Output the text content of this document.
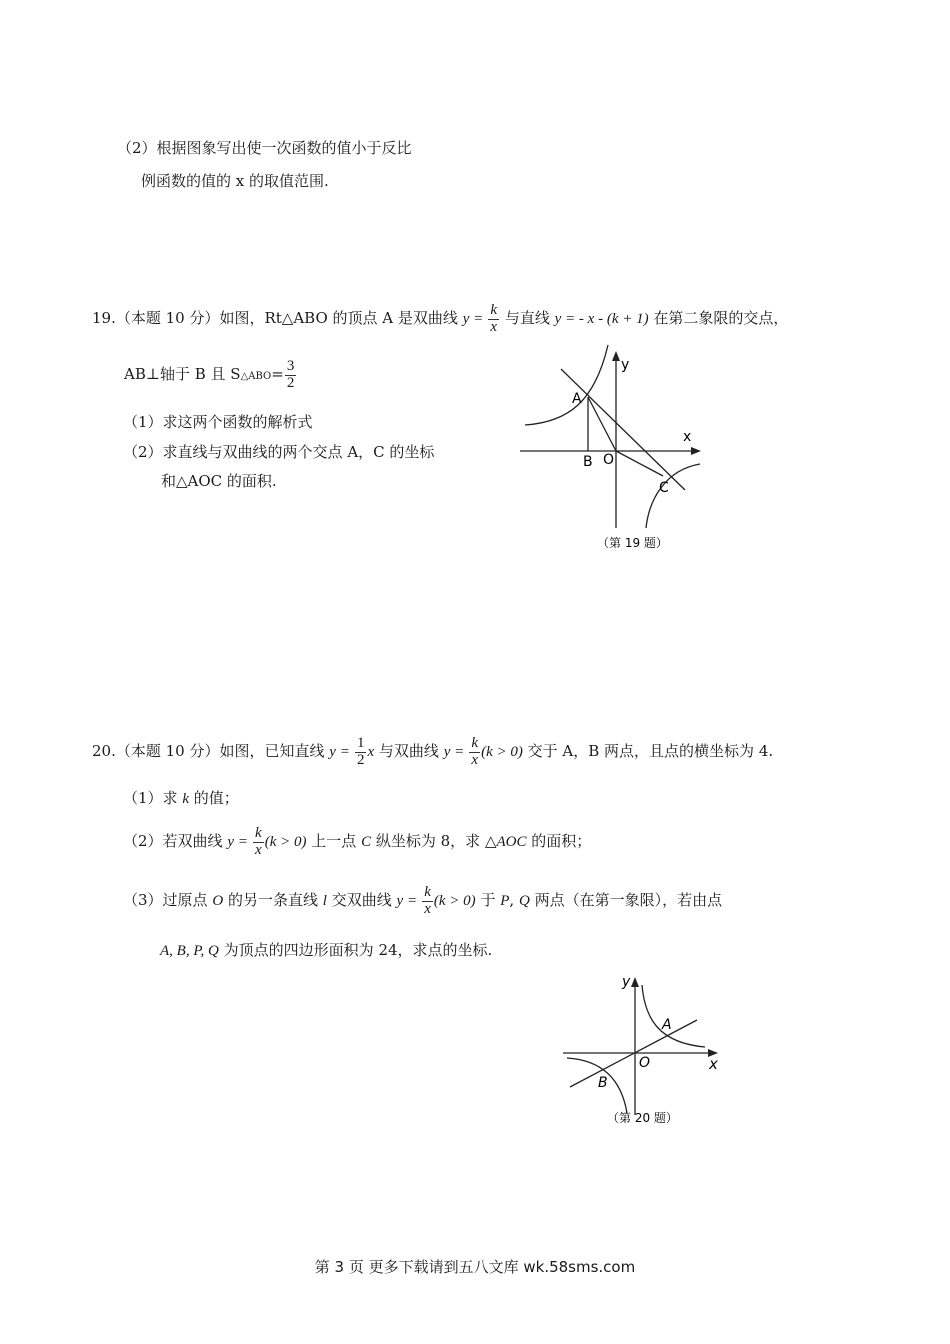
（2）根据图象写出使一次函数的值小于反比
例函数的值的 x 的取值范围.
19.（本题 10 分）如图，Rt△ABO 的顶点 A 是双曲线 $y = \frac{k}{x}$ 与直线 y = - x - (k + 1) 在第二象限的交点，
AB⊥轴于 B 且 S△ABO= $\frac{3}{2}$
（1）求这两个函数的解析式
（2）求直线与双曲线的两个交点 A，C 的坐标
和△AOC 的面积.
y
x
A
B O
C
（第 19 题）
20.（本题 10 分）如图，已知直线 $y = \frac{1}{2}$ x 与双曲线 $y = \frac{k}{x} (k > 0)$ 交于 A，B 两点，且点的横坐标为 4.
（1）求 k 的值；
（2）若双曲线 $y = \frac{k}{x} (k > 0)$ 上一点 C 纵坐标为 8，求 △AOC 的面积；
（3）过原点 O 的另一条直线 l 交双曲线 $y = \frac{k}{x} (k > 0)$ 于 P, Q 两点（在第一象限），若由点
A, B, P, Q 为顶点的四边形面积为 24，求点的坐标.
y
x
A
O
B
（第 20 题）
第 3 页 更多下载请到五八文库 wk.58sms.com
